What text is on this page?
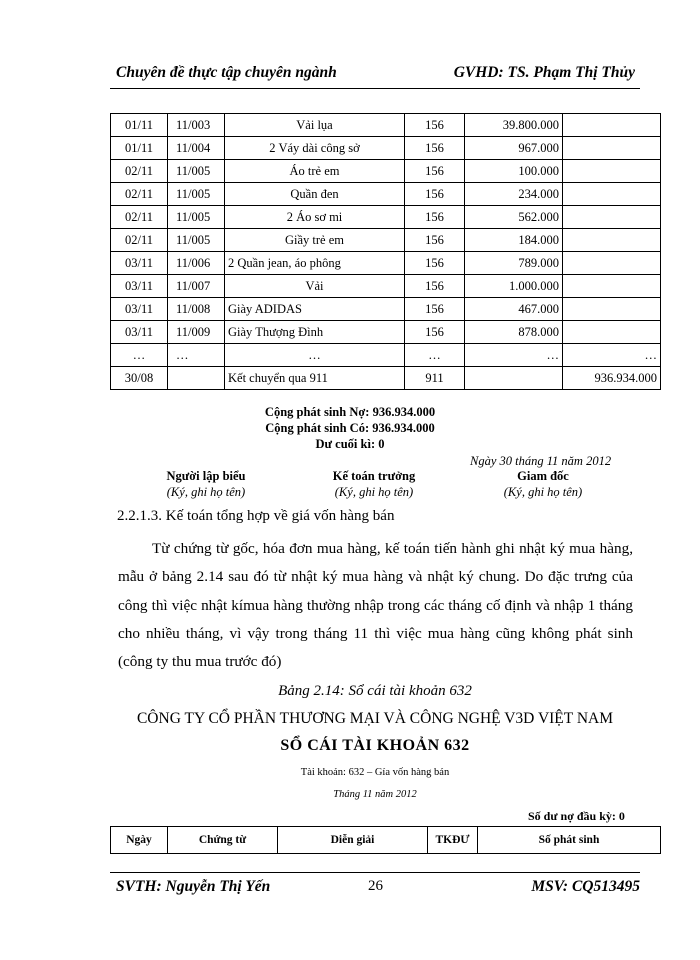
Chuyên đề thực tập chuyên ngành	GVHD: TS. Phạm Thị Thủy
01/11	11/003	Vải lụa	156	39.800.000	
01/11	11/004	2 Váy dài công sở	156	967.000	
02/11	11/005	Áo trẻ em	156	100.000	
02/11	11/005	Quần đen	156	234.000	
02/11	11/005	2 Áo sơ mi	156	562.000	
02/11	11/005	Giầy trẻ em	156	184.000	
03/11	11/006	2 Quần jean, áo phông	156	789.000	
03/11	11/007	Vải	156	1.000.000	
03/11	11/008	Giày ADIDAS	156	467.000	
03/11	11/009	Giày Thượng Đình	156	878.000	
…	…	…	…	…	…
30/08		Kết chuyển qua 911	911		936.934.000
Cộng phát sinh Nợ: 936.934.000
Cộng phát sinh Có: 936.934.000
Dư cuối kì: 0
Ngày 30 tháng 11 năm 2012
Người lập biểu
(Ký, ghi họ tên)
Kế toán trưởng
(Ký, ghi họ tên)
Giam đốc
(Ký, ghi họ tên)
2.2.1.3. Kế toán tổng hợp về giá vốn hàng bán
Từ chứng từ gốc, hóa đơn mua hàng, kế toán tiến hành ghi nhật ký mua hàng, mẫu ở bảng 2.14 sau đó từ nhật ký mua hàng và nhật ký chung. Do đặc trưng của công thì việc nhật kímua hàng thường nhập trong các tháng cố định và nhập 1 tháng cho nhiều tháng, vì vậy trong tháng 11 thì việc mua hàng cũng không phát sinh (công ty thu mua trước đó)
Bảng 2.14: Sổ cái tài khoản 632
CÔNG TY CỔ PHẦN THƯƠNG MẠI VÀ CÔNG NGHỆ V3D VIỆT NAM
SỔ CÁI TÀI KHOẢN 632
Tài khoản: 632 – Gía vốn hàng bán
Tháng 11 năm 2012
Số dư nợ đầu kỳ: 0
Ngày	Chứng từ	Diễn giải	TKĐƯ	Số phát sinh
SVTH: Nguyễn Thị Yến	26	MSV: CQ513495
